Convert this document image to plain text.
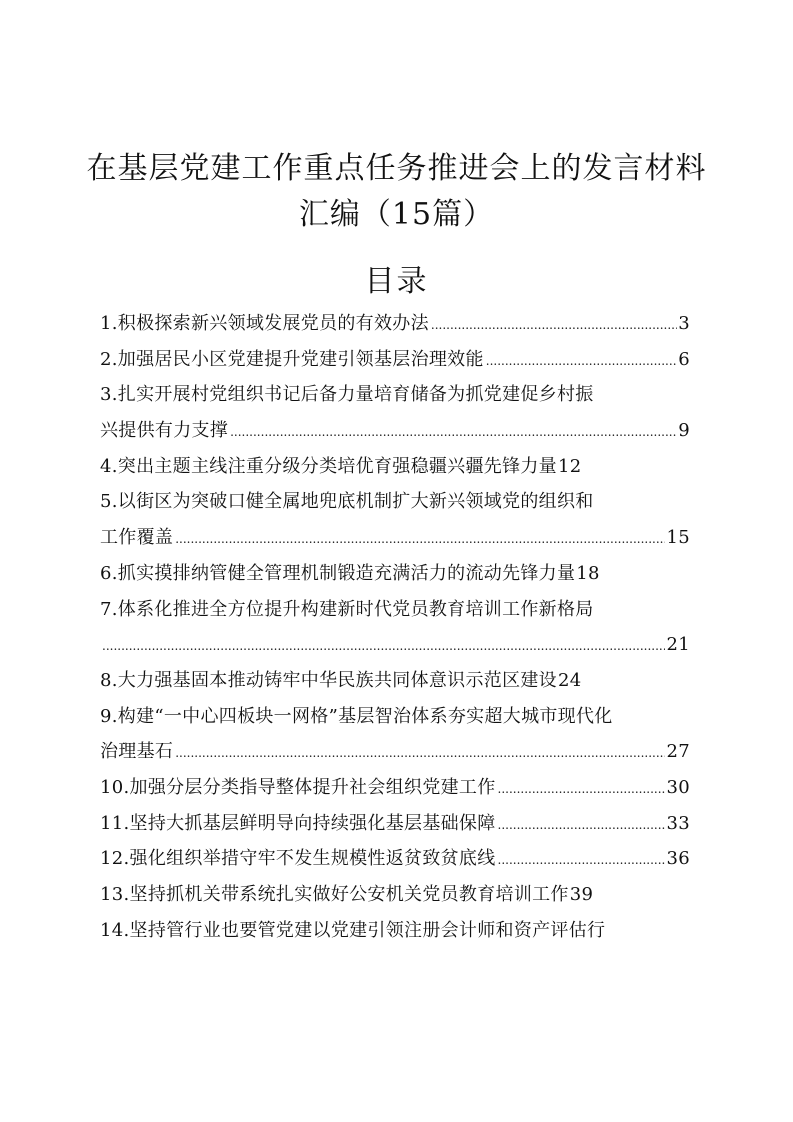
在基层党建工作重点任务推进会上的发言材料
汇编（15篇）
目录
1.积极探索新兴领域发展党员的有效办法 .....	3
2.加强居民小区党建提升党建引领基层治理效能 .....	6
3.扎实开展村党组织书记后备力量培育储备为抓党建促乡村振
兴提供有力支撑 .....	9
4.突出主题主线注重分级分类培优育强稳疆兴疆先锋力量 12
5.以街区为突破口健全属地兜底机制扩大新兴领域党的组织和
工作覆盖 .....	15
6.抓实摸排纳管健全管理机制锻造充满活力的流动先锋力量 18
7.体系化推进全方位提升构建新时代党员教育培训工作新格局
.....
21
8.大力强基固本推动铸牢中华民族共同体意识示范区建设 24
9.构建“一中心四板块一网格”基层智治体系夯实超大城市现代化
治理基石 .....	27
10.加强分层分类指导整体提升社会组织党建工作 .....	30
11.坚持大抓基层鲜明导向持续强化基层基础保障 .....	33
12.强化组织举措守牢不发生规模性返贫致贫底线 .....	36
13.坚持抓机关带系统扎实做好公安机关党员教育培训工作 39
14.坚持管行业也要管党建以党建引领注册会计师和资产评估行
